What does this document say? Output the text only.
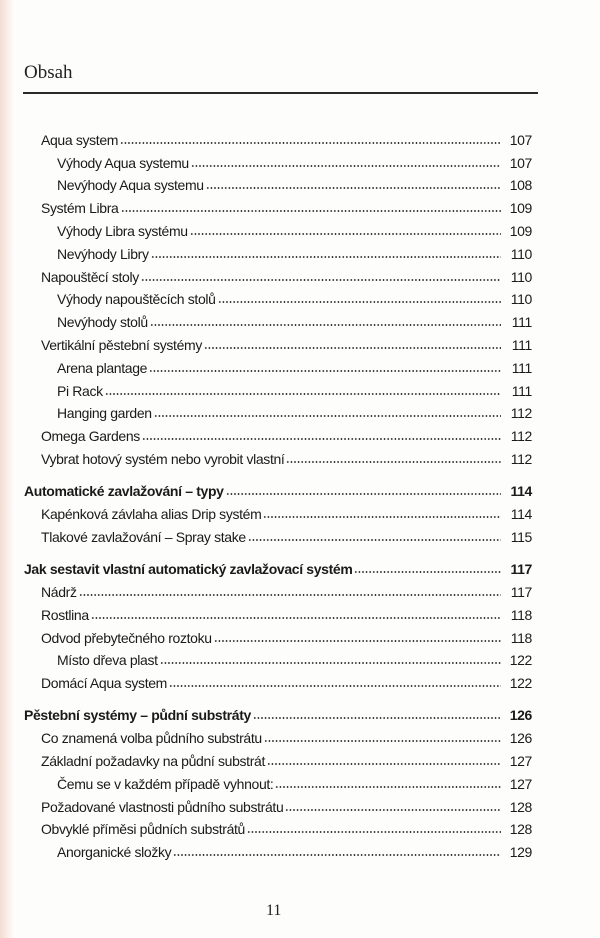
Obsah
Aqua system	107
Výhody Aqua systemu	107
Nevýhody Aqua systemu	108
Systém Libra	109
Výhody Libra systému	109
Nevýhody Libry	110
Napouštěcí stoly	110
Výhody napouštěcích stolů	110
Nevýhody stolů	111
Vertikální pěstební systémy	111
Arena plantage	111
Pi Rack	111
Hanging garden	112
Omega Gardens	112
Vybrat hotový systém nebo vyrobit vlastní	112
Automatické zavlažování – typy	114
Kapénková závlaha alias Drip systém	114
Tlakové zavlažování – Spray stake	115
Jak sestavit vlastní automatický zavlažovací systém	117
Nádrž	117
Rostlina	118
Odvod přebytečného roztoku	118
Místo dřeva plast	122
Domácí Aqua system	122
Pěstební systémy – půdní substráty	126
Co znamená volba půdního substrátu	126
Základní požadavky na půdní substrát	127
Čemu se v každém případě vyhnout:	127
Požadované vlastnosti půdního substrátu	128
Obvyklé příměsi půdních substrátů	128
Anorganické složky	129
11
